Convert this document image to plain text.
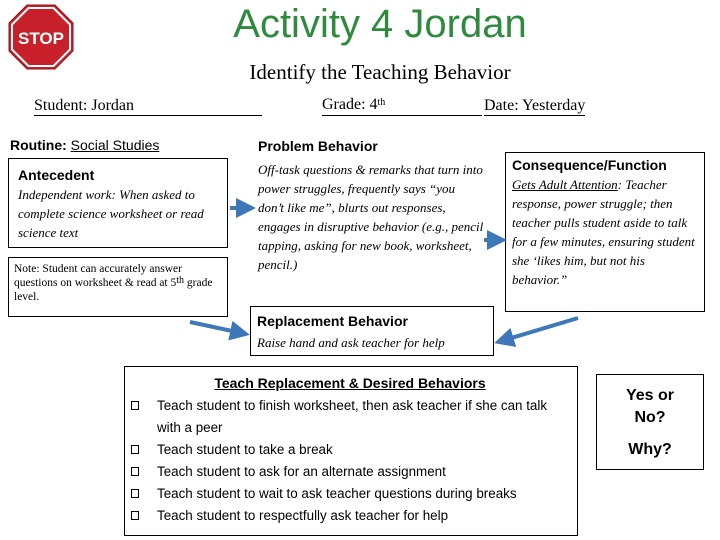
STOP	Activity 4 Jordan
Identify the Teaching Behavior
Student: Jordan	Grade: 4th	Date: Yesterday
Routine: Social Studies
Antecedent
Independent work: When asked to complete science worksheet or read science text
Note: Student can accurately answer questions on worksheet & read at 5th grade level.
Problem Behavior
Off-task questions & remarks that turn into power struggles, frequently says “you don’t like me”, blurts out responses, engages in disruptive behavior (e.g., pencil tapping, asking for new book, worksheet, pencil.)
Consequence/Function
Gets Adult Attention: Teacher response, power struggle; then teacher pulls student aside to talk for a few minutes, ensuring student she ‘likes him, but not his behavior.”
Replacement Behavior
Raise hand and ask teacher for help
Teach Replacement & Desired Behaviors
Teach student to finish worksheet, then ask teacher if she can talk with a peer
Teach student to take a break
Teach student to ask for an alternate assignment
Teach student to wait to ask teacher questions during breaks
Teach student to respectfully ask teacher for help
Yes or No?
Why?
